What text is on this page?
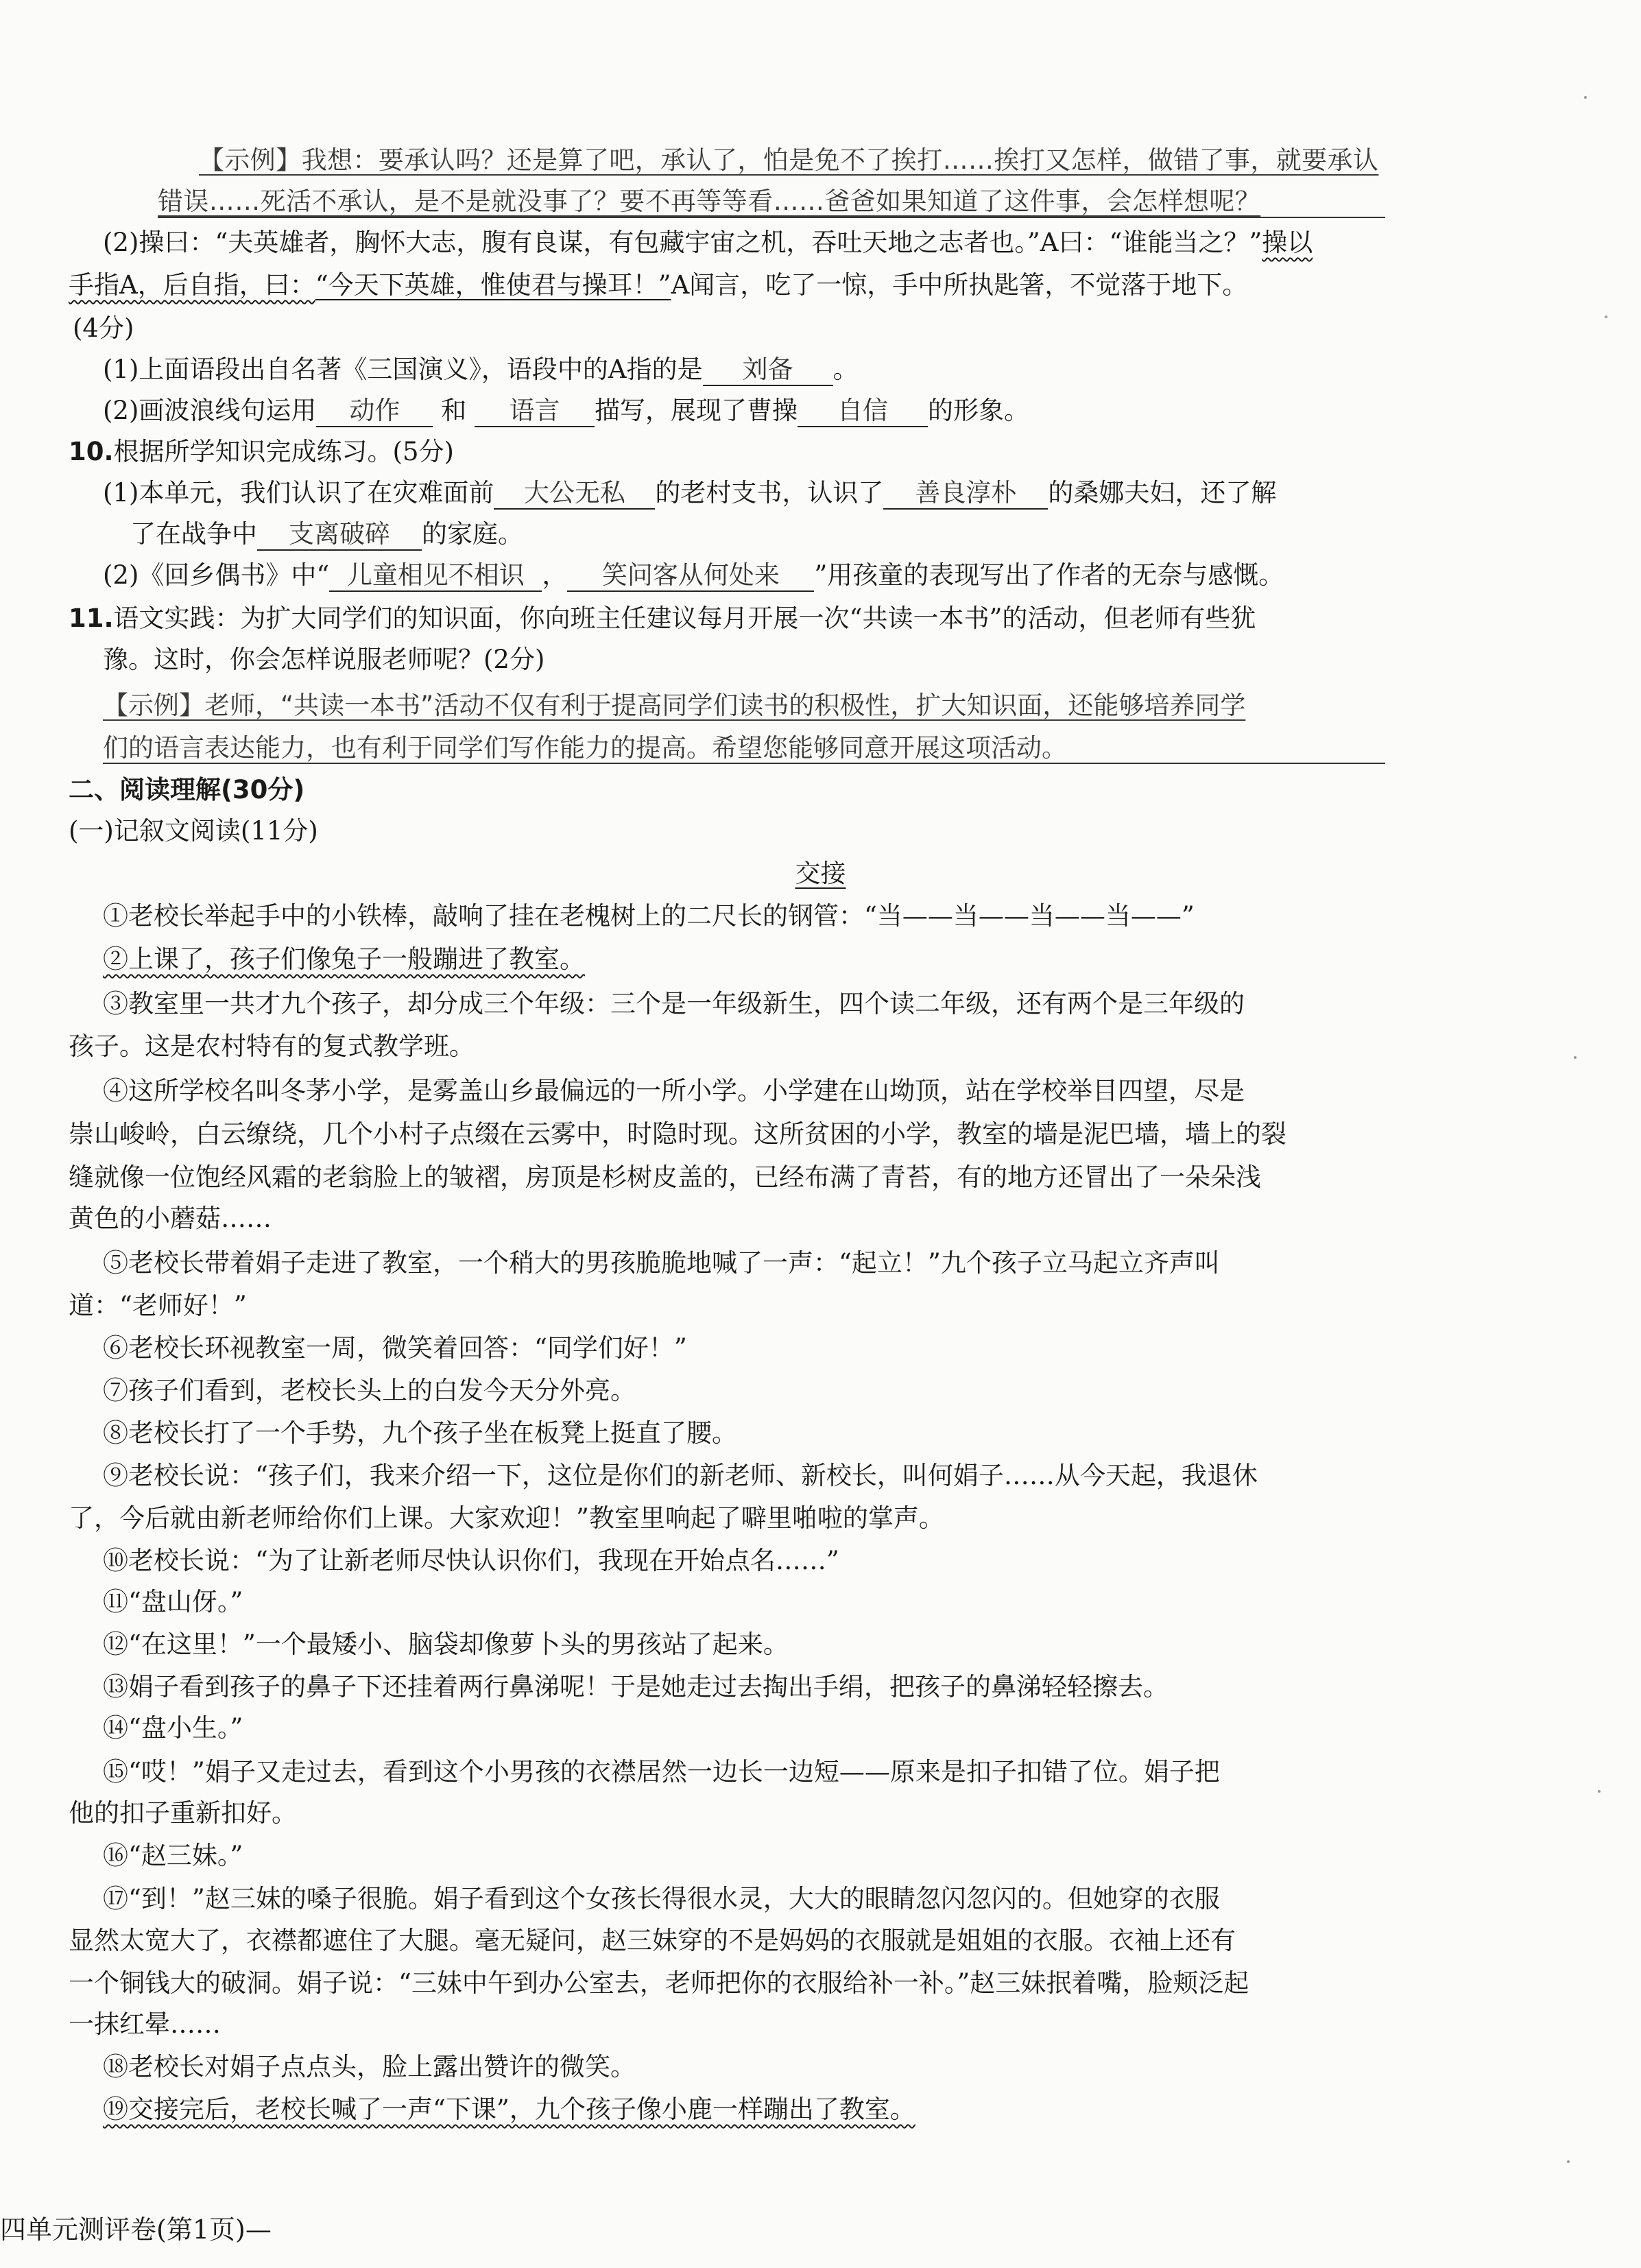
【示例】我想：要承认吗？还是算了吧，承认了，怕是免不了挨打……挨打又怎样，做错了事，就要承认
错误……死活不承认，是不是就没事了？要不再等等看……爸爸如果知道了这件事，会怎样想呢？
(2)操曰：“夫英雄者，胸怀大志，腹有良谋，有包藏宇宙之机，吞吐天地之志者也。”A曰：“谁能当之？”操以
手指A，后自指，曰：“今天下英雄，惟使君与操耳！”A闻言，吃了一惊，手中所执匙箸，不觉落于地下。
(4分)
(1)上面语段出自名著《三国演义》，语段中的A指的是 刘备 。
(2)画波浪线句运用 动作 和 语言 描写，展现了曹操 自信 的形象。
10.根据所学知识完成练习。(5分)
(1)本单元，我们认识了在灾难面前 大公无私 的老村支书，认识了 善良淳朴 的桑娜夫妇，还了解
了在战争中 支离破碎 的家庭。
(2)《回乡偶书》中“ 儿童相见不相识 ， 笑问客从何处来 ”用孩童的表现写出了作者的无奈与感慨。
11.语文实践：为扩大同学们的知识面，你向班主任建议每月开展一次“共读一本书”的活动，但老师有些犹
豫。这时，你会怎样说服老师呢？(2分)
【示例】老师，“共读一本书”活动不仅有利于提高同学们读书的积极性，扩大知识面，还能够培养同学
们的语言表达能力，也有利于同学们写作能力的提高。希望您能够同意开展这项活动。
二、阅读理解(30分)
(一)记叙文阅读(11分)
交接
①老校长举起手中的小铁棒，敲响了挂在老槐树上的二尺长的钢管：“当——当——当——当——”
②上课了，孩子们像兔子一般蹦进了教室。
③教室里一共才九个孩子，却分成三个年级：三个是一年级新生，四个读二年级，还有两个是三年级的
孩子。这是农村特有的复式教学班。
④这所学校名叫冬茅小学，是雾盖山乡最偏远的一所小学。小学建在山坳顶，站在学校举目四望，尽是
崇山峻岭，白云缭绕，几个小村子点缀在云雾中，时隐时现。这所贫困的小学，教室的墙是泥巴墙，墙上的裂
缝就像一位饱经风霜的老翁脸上的皱褶，房顶是杉树皮盖的，已经布满了青苔，有的地方还冒出了一朵朵浅
黄色的小蘑菇……
⑤老校长带着娟子走进了教室，一个稍大的男孩脆脆地喊了一声：“起立！”九个孩子立马起立齐声叫
道：“老师好！”
⑥老校长环视教室一周，微笑着回答：“同学们好！”
⑦孩子们看到，老校长头上的白发今天分外亮。
⑧老校长打了一个手势，九个孩子坐在板凳上挺直了腰。
⑨老校长说：“孩子们，我来介绍一下，这位是你们的新老师、新校长，叫何娟子……从今天起，我退休
了，今后就由新老师给你们上课。大家欢迎！”教室里响起了噼里啪啦的掌声。
⑩老校长说：“为了让新老师尽快认识你们，我现在开始点名……”
⑪“盘山伢。”
⑫“在这里！”一个最矮小、脑袋却像萝卜头的男孩站了起来。
⑬娟子看到孩子的鼻子下还挂着两行鼻涕呢！于是她走过去掏出手绢，把孩子的鼻涕轻轻擦去。
⑭“盘小生。”
⑮“哎！”娟子又走过去，看到这个小男孩的衣襟居然一边长一边短——原来是扣子扣错了位。娟子把
他的扣子重新扣好。
⑯“赵三妹。”
⑰“到！”赵三妹的嗓子很脆。娟子看到这个女孩长得很水灵，大大的眼睛忽闪忽闪的。但她穿的衣服
显然太宽大了，衣襟都遮住了大腿。毫无疑问，赵三妹穿的不是妈妈的衣服就是姐姐的衣服。衣袖上还有
一个铜钱大的破洞。娟子说：“三妹中午到办公室去，老师把你的衣服给补一补。”赵三妹抿着嘴，脸颊泛起
一抹红晕……
⑱老校长对娟子点点头，脸上露出赞许的微笑。
⑲交接完后，老校长喊了一声“下课”，九个孩子像小鹿一样蹦出了教室。
四单元测评卷(第1页)—
